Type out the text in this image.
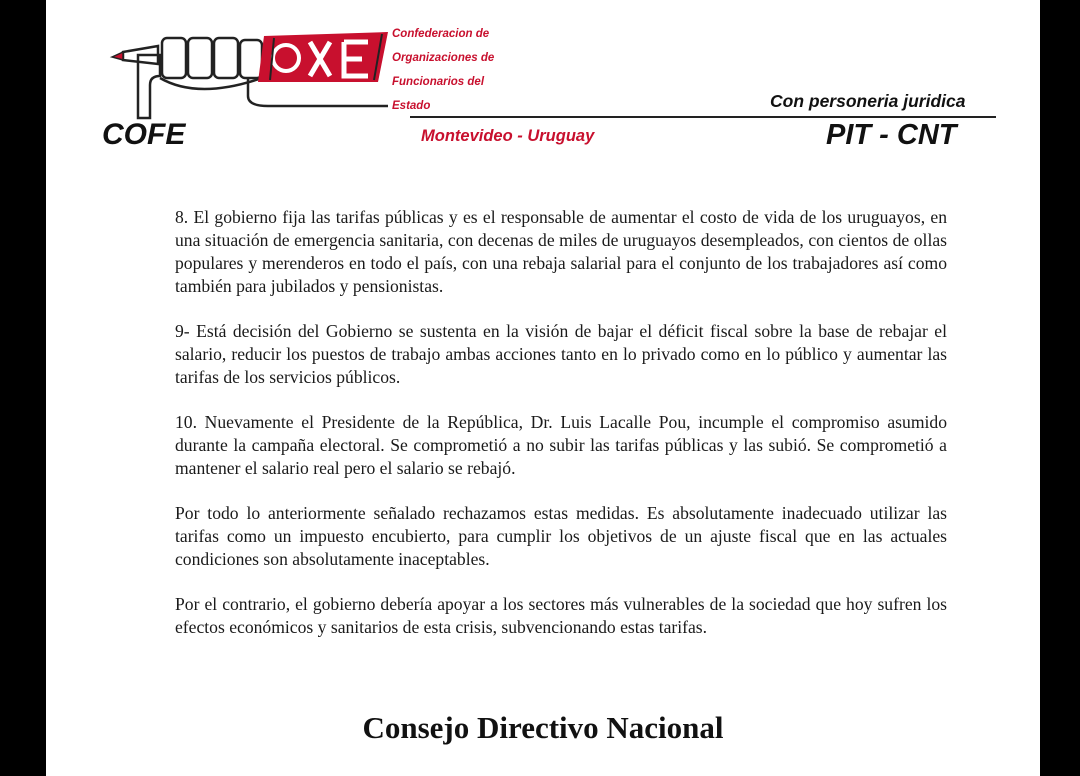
Confederacion de
Organizaciones de
Funcionarios del
Estado	Con personeria juridica
COFE	Montevideo - Uruguay	PIT - CNT

8. El gobierno fija las tarifas públicas y es el responsable de aumentar el costo de vida de los uruguayos, en una situación de emergencia sanitaria, con decenas de miles de uruguayos desempleados, con cientos de ollas populares y merenderos en todo el país, con una rebaja salarial para el conjunto de los trabajadores así como también para jubilados y pensionistas.

9- Está decisión del Gobierno se sustenta en la visión de bajar el déficit fiscal sobre la base de rebajar el salario, reducir los puestos de trabajo ambas acciones tanto en lo privado como en lo público y aumentar las tarifas de los servicios públicos.

10. Nuevamente el Presidente de la República, Dr. Luis Lacalle Pou, incumple el compromiso asumido durante la campaña electoral. Se comprometió a no subir las tarifas públicas y las subió. Se comprometió a mantener el salario real pero el salario se rebajó.

Por todo lo anteriormente señalado rechazamos estas medidas. Es absolutamente inadecuado utilizar las tarifas como un impuesto encubierto, para cumplir los objetivos de un ajuste fiscal que en las actuales condiciones son absolutamente inaceptables.

Por el contrario, el gobierno debería apoyar a los sectores más vulnerables de la sociedad que hoy sufren los efectos económicos y sanitarios de esta crisis, subvencionando estas tarifas.

Consejo Directivo Nacional
